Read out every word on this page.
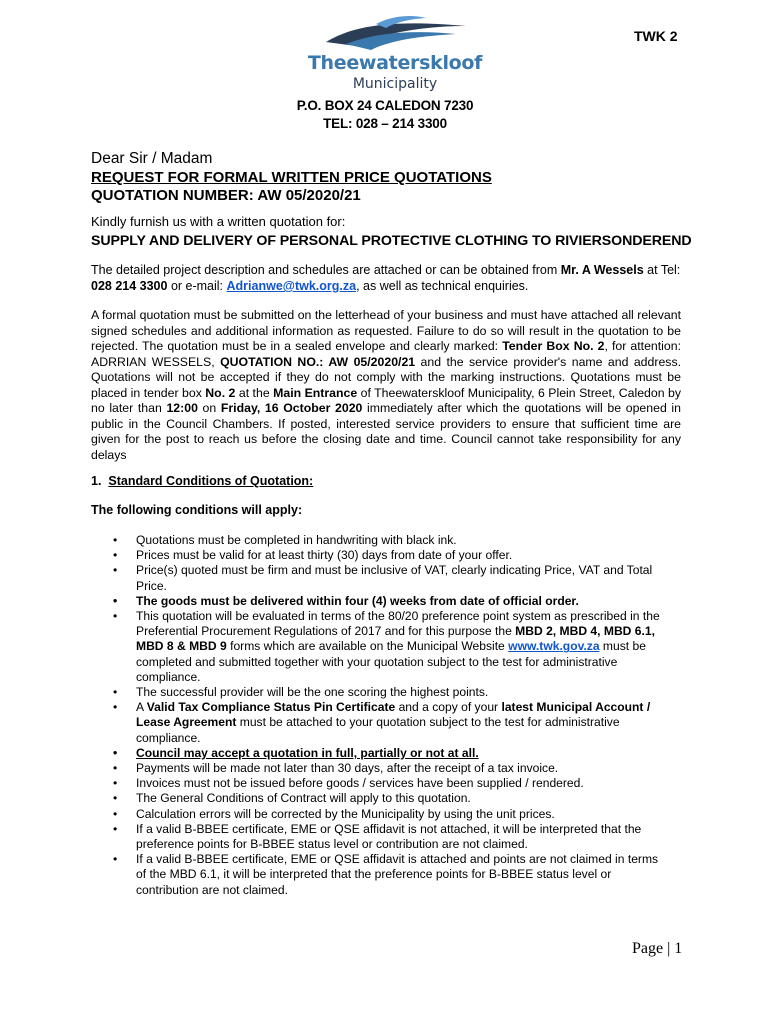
Theewaterskloof
Municipality
TWK 2
P.O. BOX 24 CALEDON 7230
TEL: 028 – 214 3300
Dear Sir / Madam
REQUEST FOR FORMAL WRITTEN PRICE QUOTATIONS
QUOTATION NUMBER: AW 05/2020/21
Kindly furnish us with a written quotation for:
SUPPLY AND DELIVERY OF PERSONAL PROTECTIVE CLOTHING TO RIVIERSONDEREND
The detailed project description and schedules are attached or can be obtained from Mr. A Wessels at Tel: 028 214 3300 or e-mail: Adrianwe@twk.org.za, as well as technical enquiries.
A formal quotation must be submitted on the letterhead of your business and must have attached all relevant signed schedules and additional information as requested. Failure to do so will result in the quotation to be rejected. The quotation must be in a sealed envelope and clearly marked: Tender Box No. 2, for attention: ADRRIAN WESSELS, QUOTATION NO.: AW 05/2020/21 and the service provider's name and address. Quotations will not be accepted if they do not comply with the marking instructions. Quotations must be placed in tender box No. 2 at the Main Entrance of Theewaterskloof Municipality, 6 Plein Street, Caledon by no later than 12:00 on Friday, 16 October 2020 immediately after which the quotations will be opened in public in the Council Chambers. If posted, interested service providers to ensure that sufficient time are given for the post to reach us before the closing date and time. Council cannot take responsibility for any delays
1. Standard Conditions of Quotation:
The following conditions will apply:
• Quotations must be completed in handwriting with black ink.
• Prices must be valid for at least thirty (30) days from date of your offer.
• Price(s) quoted must be firm and must be inclusive of VAT, clearly indicating Price, VAT and Total Price.
• The goods must be delivered within four (4) weeks from date of official order.
• This quotation will be evaluated in terms of the 80/20 preference point system as prescribed in the Preferential Procurement Regulations of 2017 and for this purpose the MBD 2, MBD 4, MBD 6.1, MBD 8 & MBD 9 forms which are available on the Municipal Website www.twk.gov.za must be completed and submitted together with your quotation subject to the test for administrative compliance.
• The successful provider will be the one scoring the highest points.
• A Valid Tax Compliance Status Pin Certificate and a copy of your latest Municipal Account / Lease Agreement must be attached to your quotation subject to the test for administrative compliance.
• Council may accept a quotation in full, partially or not at all.
• Payments will be made not later than 30 days, after the receipt of a tax invoice.
• Invoices must not be issued before goods / services have been supplied / rendered.
• The General Conditions of Contract will apply to this quotation.
• Calculation errors will be corrected by the Municipality by using the unit prices.
• If a valid B-BBEE certificate, EME or QSE affidavit is not attached, it will be interpreted that the preference points for B-BBEE status level or contribution are not claimed.
• If a valid B-BBEE certificate, EME or QSE affidavit is attached and points are not claimed in terms of the MBD 6.1, it will be interpreted that the preference points for B-BBEE status level or contribution are not claimed.
Page | 1
